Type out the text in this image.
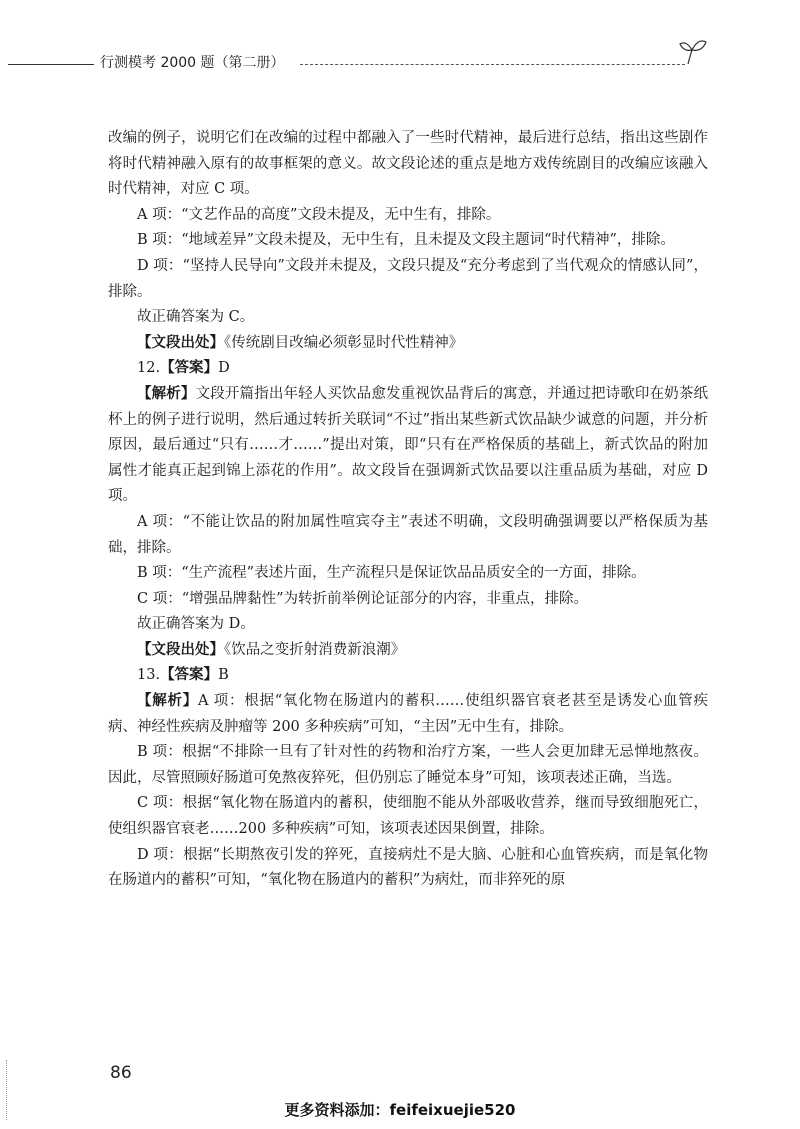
行测模考 2000 题（第二册）

改编的例子，说明它们在改编的过程中都融入了一些时代精神，最后进行总结，指出这些剧作将时代精神融入原有的故事框架的意义。故文段论述的重点是地方戏传统剧目的改编应该融入时代精神，对应 C 项。

A 项：“文艺作品的高度”文段未提及，无中生有，排除。

B 项：“地域差异”文段未提及，无中生有，且未提及文段主题词“时代精神”，排除。

D 项：“坚持人民导向”文段并未提及，文段只提及“充分考虑到了当代观众的情感认同”，排除。

故正确答案为 C。

【文段出处】《传统剧目改编必须彰显时代性精神》

12.【答案】D

【解析】文段开篇指出年轻人买饮品愈发重视饮品背后的寓意，并通过把诗歌印在奶茶纸杯上的例子进行说明，然后通过转折关联词“不过”指出某些新式饮品缺少诚意的问题，并分析原因，最后通过“只有……才……”提出对策，即“只有在严格保质的基础上，新式饮品的附加属性才能真正起到锦上添花的作用”。故文段旨在强调新式饮品要以注重品质为基础，对应 D 项。

A 项：“不能让饮品的附加属性喧宾夺主”表述不明确，文段明确强调要以严格保质为基础，排除。

B 项：“生产流程”表述片面，生产流程只是保证饮品品质安全的一方面，排除。

C 项：“增强品牌黏性”为转折前举例论证部分的内容，非重点，排除。

故正确答案为 D。

【文段出处】《饮品之变折射消费新浪潮》

13.【答案】B

【解析】A 项：根据“氧化物在肠道内的蓄积……使组织器官衰老甚至是诱发心血管疾病、神经性疾病及肿瘤等 200 多种疾病”可知，“主因”无中生有，排除。

B 项：根据“不排除一旦有了针对性的药物和治疗方案，一些人会更加肆无忌惮地熬夜。因此，尽管照顾好肠道可免熬夜猝死，但仍别忘了睡觉本身”可知，该项表述正确，当选。

C 项：根据“氧化物在肠道内的蓄积，使细胞不能从外部吸收营养，继而导致细胞死亡，使组织器官衰老……200 多种疾病”可知，该项表述因果倒置，排除。

D 项：根据“长期熬夜引发的猝死，直接病灶不是大脑、心脏和心血管疾病，而是氧化物在肠道内的蓄积”可知，“氧化物在肠道内的蓄积”为病灶，而非猝死的原

86
更多资料添加：feifeixuejie520
